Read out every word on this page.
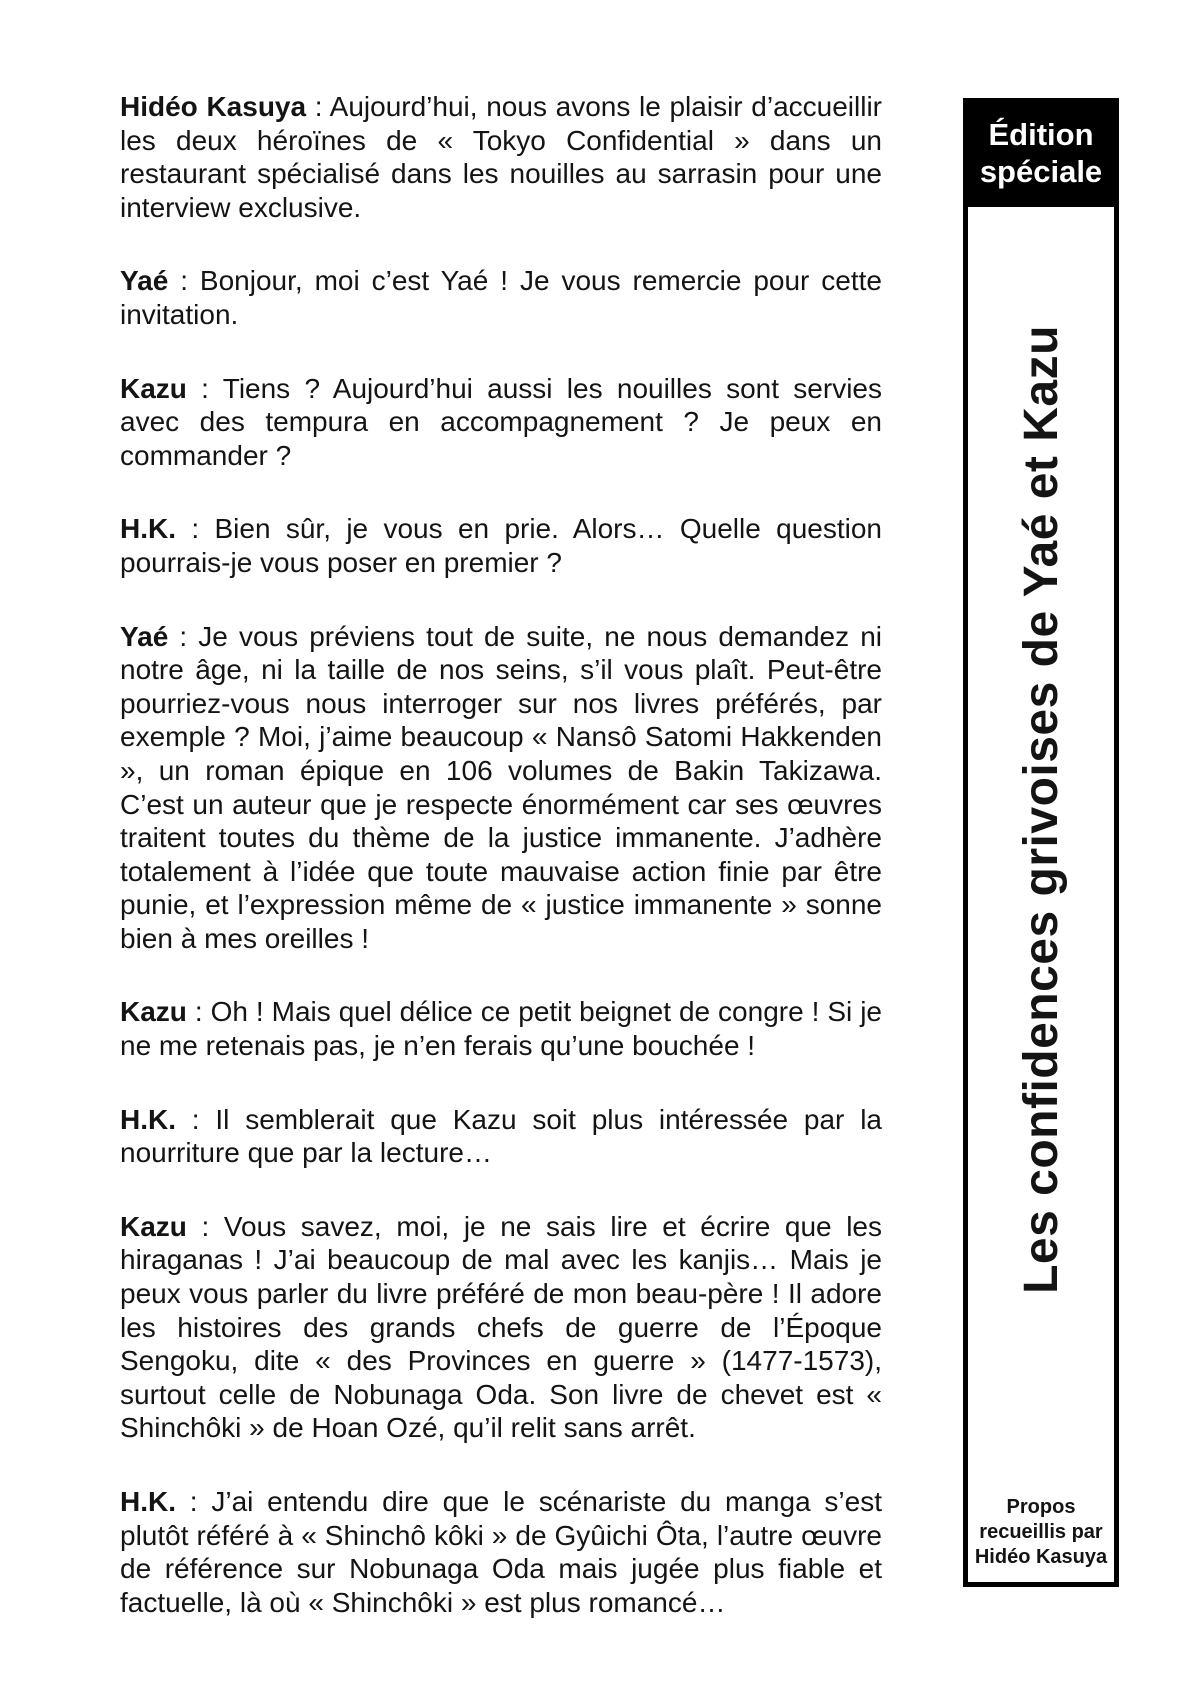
Hidéo Kasuya : Aujourd’hui, nous avons le plaisir d’accueillir les deux héroïnes de « Tokyo Confidential » dans un restaurant spécialisé dans les nouilles au sarrasin pour une interview exclusive.

Yaé : Bonjour, moi c’est Yaé ! Je vous remercie pour cette invitation.

Kazu : Tiens ? Aujourd’hui aussi les nouilles sont servies avec des tempura en accompagnement ? Je peux en commander ?

H.K. : Bien sûr, je vous en prie. Alors… Quelle question pourrais-je vous poser en premier ?

Yaé : Je vous préviens tout de suite, ne nous demandez ni notre âge, ni la taille de nos seins, s’il vous plaît. Peut-être pourriez-vous nous interroger sur nos livres préférés, par exemple ? Moi, j’aime beaucoup « Nansô Satomi Hakkenden », un roman épique en 106 volumes de Bakin Takizawa. C’est un auteur que je respecte énormément car ses œuvres traitent toutes du thème de la justice immanente. J’adhère totalement à l’idée que toute mauvaise action finie par être punie, et l’expression même de « justice immanente » sonne bien à mes oreilles !

Kazu : Oh ! Mais quel délice ce petit beignet de congre ! Si je ne me retenais pas, je n’en ferais qu’une bouchée !

H.K. : Il semblerait que Kazu soit plus intéressée par la nourriture que par la lecture…

Kazu : Vous savez, moi, je ne sais lire et écrire que les hiraganas ! J’ai beaucoup de mal avec les kanjis… Mais je peux vous parler du livre préféré de mon beau-père ! Il adore les histoires des grands chefs de guerre de l’Époque Sengoku, dite « des Provinces en guerre » (1477-1573), surtout celle de Nobunaga Oda. Son livre de chevet est « Shinchôki » de Hoan Ozé, qu’il relit sans arrêt.

H.K. : J’ai entendu dire que le scénariste du manga s’est plutôt référé à « Shinchô kôki » de Gyûichi Ôta, l’autre œuvre de référence sur Nobunaga Oda mais jugée plus fiable et factuelle, là où « Shinchôki » est plus romancé…

Édition spéciale
Les confidences grivoises de Yaé et Kazu
Propos recueillis par Hidéo Kasuya
